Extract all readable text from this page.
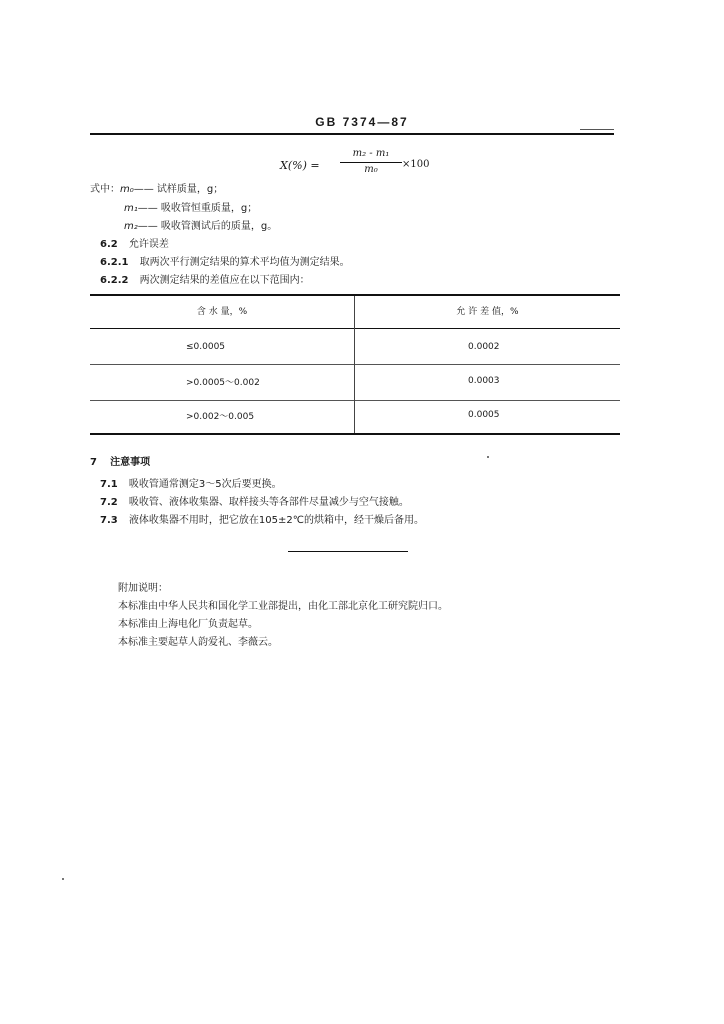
GB 7374—87
X(%) =
m₂ - m₁
m₀	×100
式中：m₀—— 试样质量，g；
m₁—— 吸收管恒重质量，g；
m₂—— 吸收管测试后的质量，g。
6.2 允许误差
6.2.1 取两次平行测定结果的算术平均值为测定结果。
6.2.2 两次测定结果的差值应在以下范围内：
含 水 量，%	允 许 差 值，%
≤0.0005	0.0002
>0.0005～0.002	0.0003
>0.002～0.005	0.0005
7 注意事项
7.1 吸收管通常测定3～5次后要更换。
7.2 吸收管、液体收集器、取样接头等各部件尽量减少与空气接触。
7.3 液体收集器不用时，把它放在105±2℃的烘箱中，经干燥后备用。
附加说明：
本标准由中华人民共和国化学工业部提出，由化工部北京化工研究院归口。
本标准由上海电化厂负责起草。
本标准主要起草人韵爱礼、李薇云。
